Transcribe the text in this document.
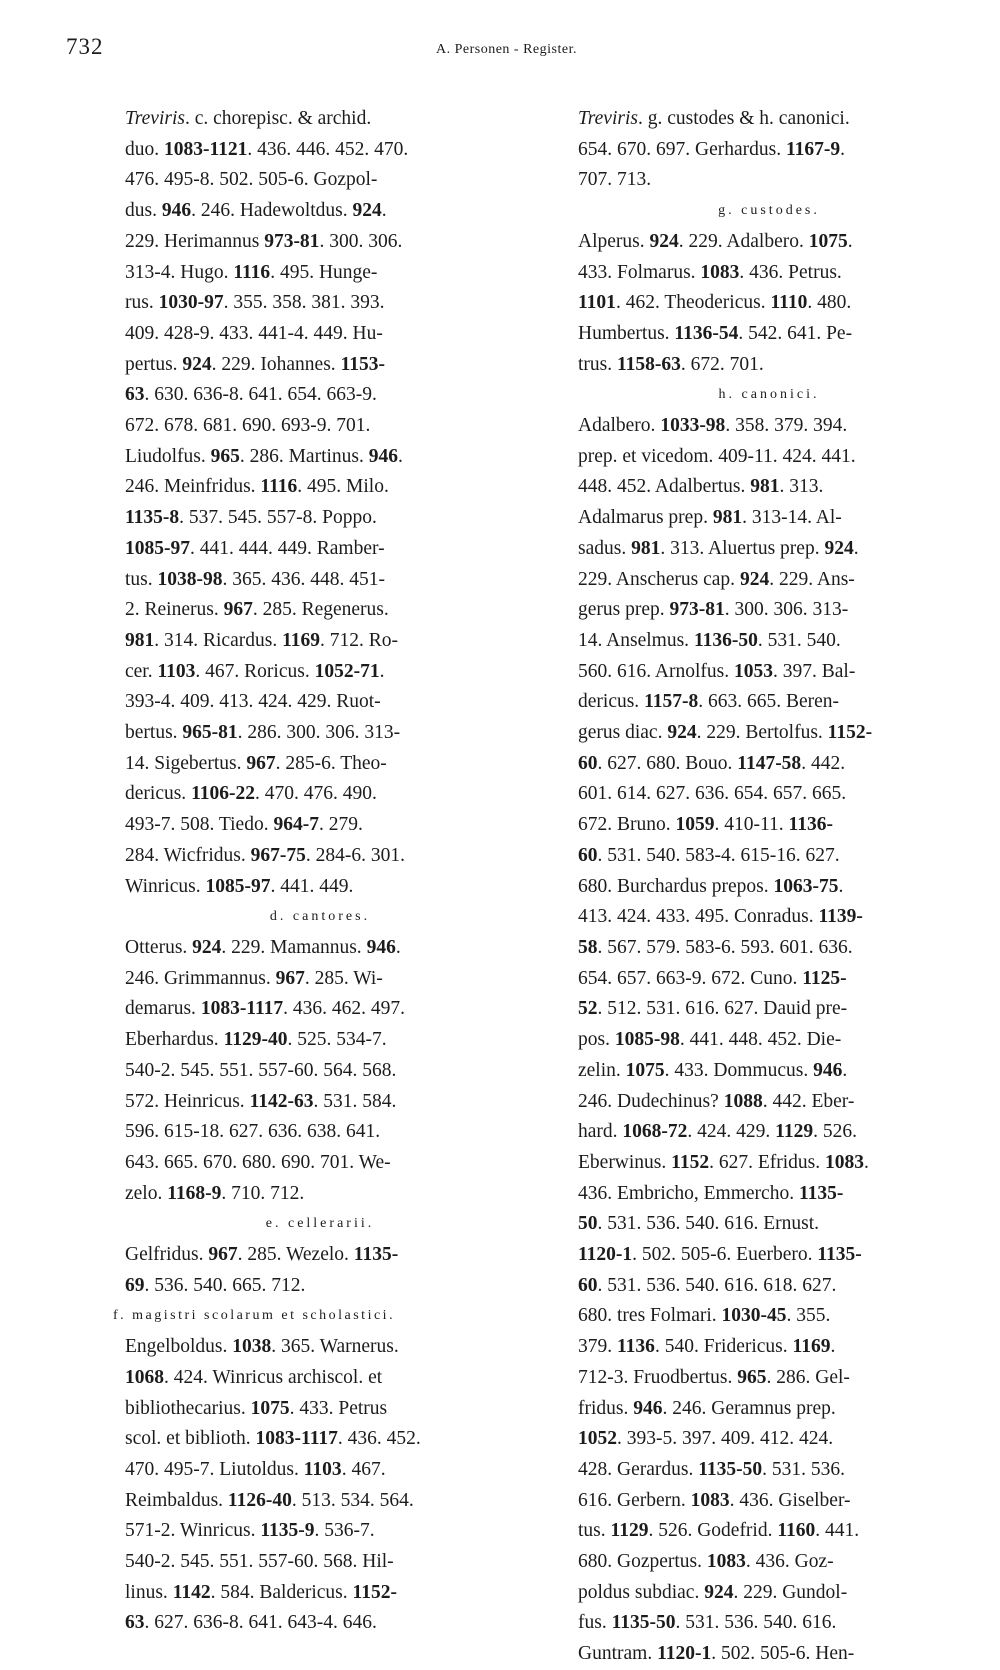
732	A. Personen - Register.
Treviris. c. chorepisc. & archid.
duo. 1083-1121. 436. 446. 452. 470.
476. 495-8. 502. 505-6. Gozpol-
dus. 946. 246. Hadewoltdus. 924.
229. Herimannus 973-81. 300. 306.
313-4. Hugo. 1116. 495. Hunge-
rus. 1030-97. 355. 358. 381. 393.
409. 428-9. 433. 441-4. 449. Hu-
pertus. 924. 229. Iohannes. 1153-
63. 630. 636-8. 641. 654. 663-9.
672. 678. 681. 690. 693-9. 701.
Liudolfus. 965. 286. Martinus. 946.
246. Meinfridus. 1116. 495. Milo.
1135-8. 537. 545. 557-8. Poppo.
1085-97. 441. 444. 449. Ramber-
tus. 1038-98. 365. 436. 448. 451-
2. Reinerus. 967. 285. Regenerus.
981. 314. Ricardus. 1169. 712. Ro-
cer. 1103. 467. Roricus. 1052-71.
393-4. 409. 413. 424. 429. Ruot-
bertus. 965-81. 286. 300. 306. 313-
14. Sigebertus. 967. 285-6. Theo-
dericus. 1106-22. 470. 476. 490.
493-7. 508. Tiedo. 964-7. 279.
284. Wicfridus. 967-75. 284-6. 301.
Winricus. 1085-97. 441. 449.
d. cantores.
Otterus. 924. 229. Mamannus. 946.
246. Grimmannus. 967. 285. Wi-
demarus. 1083-1117. 436. 462. 497.
Eberhardus. 1129-40. 525. 534-7.
540-2. 545. 551. 557-60. 564. 568.
572. Heinricus. 1142-63. 531. 584.
596. 615-18. 627. 636. 638. 641.
643. 665. 670. 680. 690. 701. We-
zelo. 1168-9. 710. 712.
e. cellerarii.
Gelfridus. 967. 285. Wezelo. 1135-
69. 536. 540. 665. 712.
f. magistri scolarum et scholastici.
Engelboldus. 1038. 365. Warnerus.
1068. 424. Winricus archiscol. et
bibliothecarius. 1075. 433. Petrus
scol. et biblioth. 1083-1117. 436. 452.
470. 495-7. Liutoldus. 1103. 467.
Reimbaldus. 1126-40. 513. 534. 564.
571-2. Winricus. 1135-9. 536-7.
540-2. 545. 551. 557-60. 568. Hil-
linus. 1142. 584. Baldericus. 1152-
63. 627. 636-8. 641. 643-4. 646.
Treviris. g. custodes & h. canonici.
654. 670. 697. Gerhardus. 1167-9.
707. 713.
g. custodes.
Alperus. 924. 229. Adalbero. 1075.
433. Folmarus. 1083. 436. Petrus.
1101. 462. Theodericus. 1110. 480.
Humbertus. 1136-54. 542. 641. Pe-
trus. 1158-63. 672. 701.
h. canonici.
Adalbero. 1033-98. 358. 379. 394.
prep. et vicedom. 409-11. 424. 441.
448. 452. Adalbertus. 981. 313.
Adalmarus prep. 981. 313-14. Al-
sadus. 981. 313. Aluertus prep. 924.
229. Anscherus cap. 924. 229. Ans-
gerus prep. 973-81. 300. 306. 313-
14. Anselmus. 1136-50. 531. 540.
560. 616. Arnolfus. 1053. 397. Bal-
dericus. 1157-8. 663. 665. Beren-
gerus diac. 924. 229. Bertolfus. 1152-
60. 627. 680. Bouo. 1147-58. 442.
601. 614. 627. 636. 654. 657. 665.
672. Bruno. 1059. 410-11. 1136-
60. 531. 540. 583-4. 615-16. 627.
680. Burchardus prepos. 1063-75.
413. 424. 433. 495. Conradus. 1139-
58. 567. 579. 583-6. 593. 601. 636.
654. 657. 663-9. 672. Cuno. 1125-
52. 512. 531. 616. 627. Dauid pre-
pos. 1085-98. 441. 448. 452. Die-
zelin. 1075. 433. Dommucus. 946.
246. Dudechinus? 1088. 442. Eber-
hard. 1068-72. 424. 429. 1129. 526.
Eberwinus. 1152. 627. Efridus. 1083.
436. Embricho, Emmercho. 1135-
50. 531. 536. 540. 616. Ernust.
1120-1. 502. 505-6. Euerbero. 1135-
60. 531. 536. 540. 616. 618. 627.
680. tres Folmari. 1030-45. 355.
379. 1136. 540. Fridericus. 1169.
712-3. Fruodbertus. 965. 286. Gel-
fridus. 946. 246. Geramnus prep.
1052. 393-5. 397. 409. 412. 424.
428. Gerardus. 1135-50. 531. 536.
616. Gerbern. 1083. 436. Giselber-
tus. 1129. 526. Godefrid. 1160. 441.
680. Gozpertus. 1083. 436. Goz-
poldus subdiac. 924. 229. Gundol-
fus. 1135-50. 531. 536. 540. 616.
Guntram. 1120-1. 502. 505-6. Hen-
